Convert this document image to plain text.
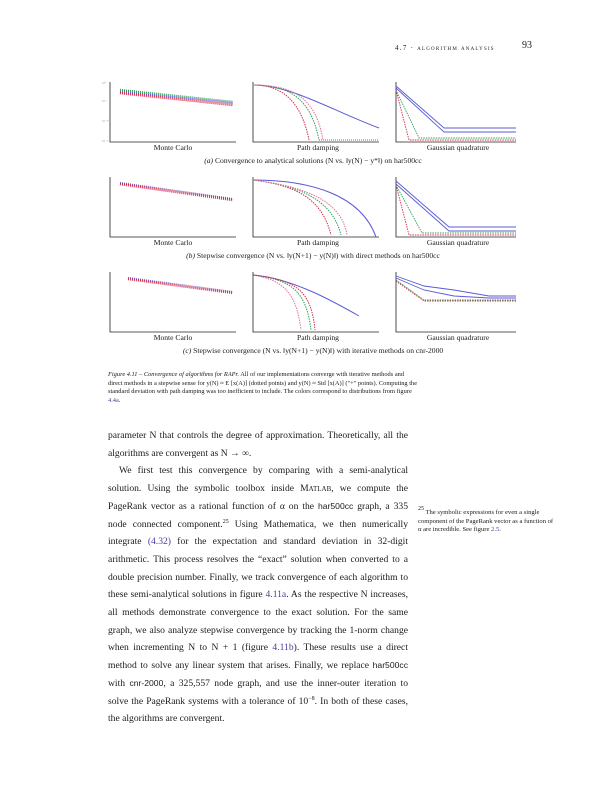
4.7 · algorithm analysis	93
10⁰
10⁻⁵
10⁻¹⁰
10⁻¹⁵
Monte Carlo	Path damping	Gaussian quadrature
(a) Convergence to analytical solutions (N vs. ‖y(N) − y*‖) on har500cc
Monte Carlo	Path damping	Gaussian quadrature
(b) Stepwise convergence (N vs. ‖y(N+1) − y(N)‖) with direct methods on har500cc
Monte Carlo	Path damping	Gaussian quadrature
(c) Stepwise convergence (N vs. ‖y(N+1) − y(N)‖) with iterative methods on cnr-2000
Figure 4.11 – Convergence of algorithms for RAPr. All of our implementations converge with iterative methods and direct methods in a stepwise sense for y(N) ≈ E [x(A)] (dotted points) and y(N) ≈ Std [x(A)] ("+" points). Computing the standard deviation with path damping was too inefficient to include. The colors correspond to distributions from figure 4.4a.

parameter N that controls the degree of approximation. Theoretically, all the algorithms are convergent as N → ∞.

We first test this convergence by comparing with a semi-analytical solution. Using the symbolic toolbox inside Matlab, we compute the PageRank vector as a rational function of α on the har500cc graph, a 335 node connected component.$^{25}$ Using Mathematica, we then numerically integrate (4.32) for the expectation and standard deviation in 32-digit arithmetic. This process resolves the “exact” solution when converted to a double precision number. Finally, we track convergence of each algorithm to these semi-analytical solutions in figure 4.11a. As the respective N increases, all methods demonstrate convergence to the exact solution. For the same graph, we also analyze stepwise convergence by tracking the 1-norm change when incrementing N to N + 1 (figure 4.11b). These results use a direct method to solve any linear system that arises. Finally, we replace har500cc with cnr-2000, a 325,557 node graph, and use the inner-outer iteration to solve the PageRank systems with a tolerance of $10^{-8}$. In both of these cases, the algorithms are convergent.

$^{25}$ The symbolic expressions for even a single component of the PageRank vector as a function of α are incredible. See figure 2.5.
